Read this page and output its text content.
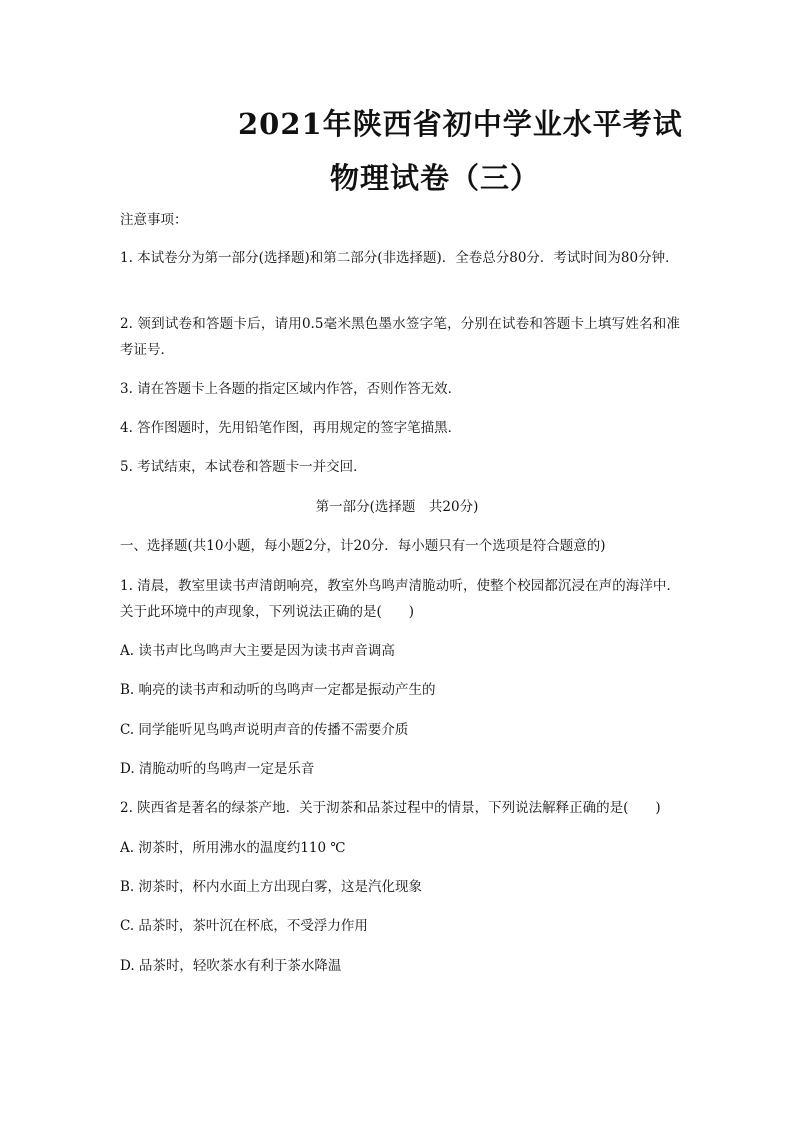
2021年陕西省初中学业水平考试
物理试卷（三）
注意事项：
1. 本试卷分为第一部分(选择题)和第二部分(非选择题)．全卷总分80分．考试时间为80分钟．
2. 领到试卷和答题卡后，请用0.5毫米黑色墨水签字笔，分别在试卷和答题卡上填写姓名和准考证号．
3. 请在答题卡上各题的指定区域内作答，否则作答无效．
4. 答作图题时，先用铅笔作图，再用规定的签字笔描黑．
5. 考试结束，本试卷和答题卡一并交回．
第一部分(选择题　共20分)
一、选择题(共10小题，每小题2分，计20分．每小题只有一个选项是符合题意的)
1. 清晨，教室里读书声清朗响亮，教室外鸟鸣声清脆动听，使整个校园都沉浸在声的海洋中．关于此环境中的声现象，下列说法正确的是(　　)
A. 读书声比鸟鸣声大主要是因为读书声音调高
B. 响亮的读书声和动听的鸟鸣声一定都是振动产生的
C. 同学能听见鸟鸣声说明声音的传播不需要介质
D. 清脆动听的鸟鸣声一定是乐音
2. 陕西省是著名的绿茶产地．关于沏茶和品茶过程中的情景，下列说法解释正确的是(　　)
A. 沏茶时，所用沸水的温度约110 ℃
B. 沏茶时，杯内水面上方出现白雾，这是汽化现象
C. 品茶时，茶叶沉在杯底，不受浮力作用
D. 品茶时，轻吹茶水有利于茶水降温
